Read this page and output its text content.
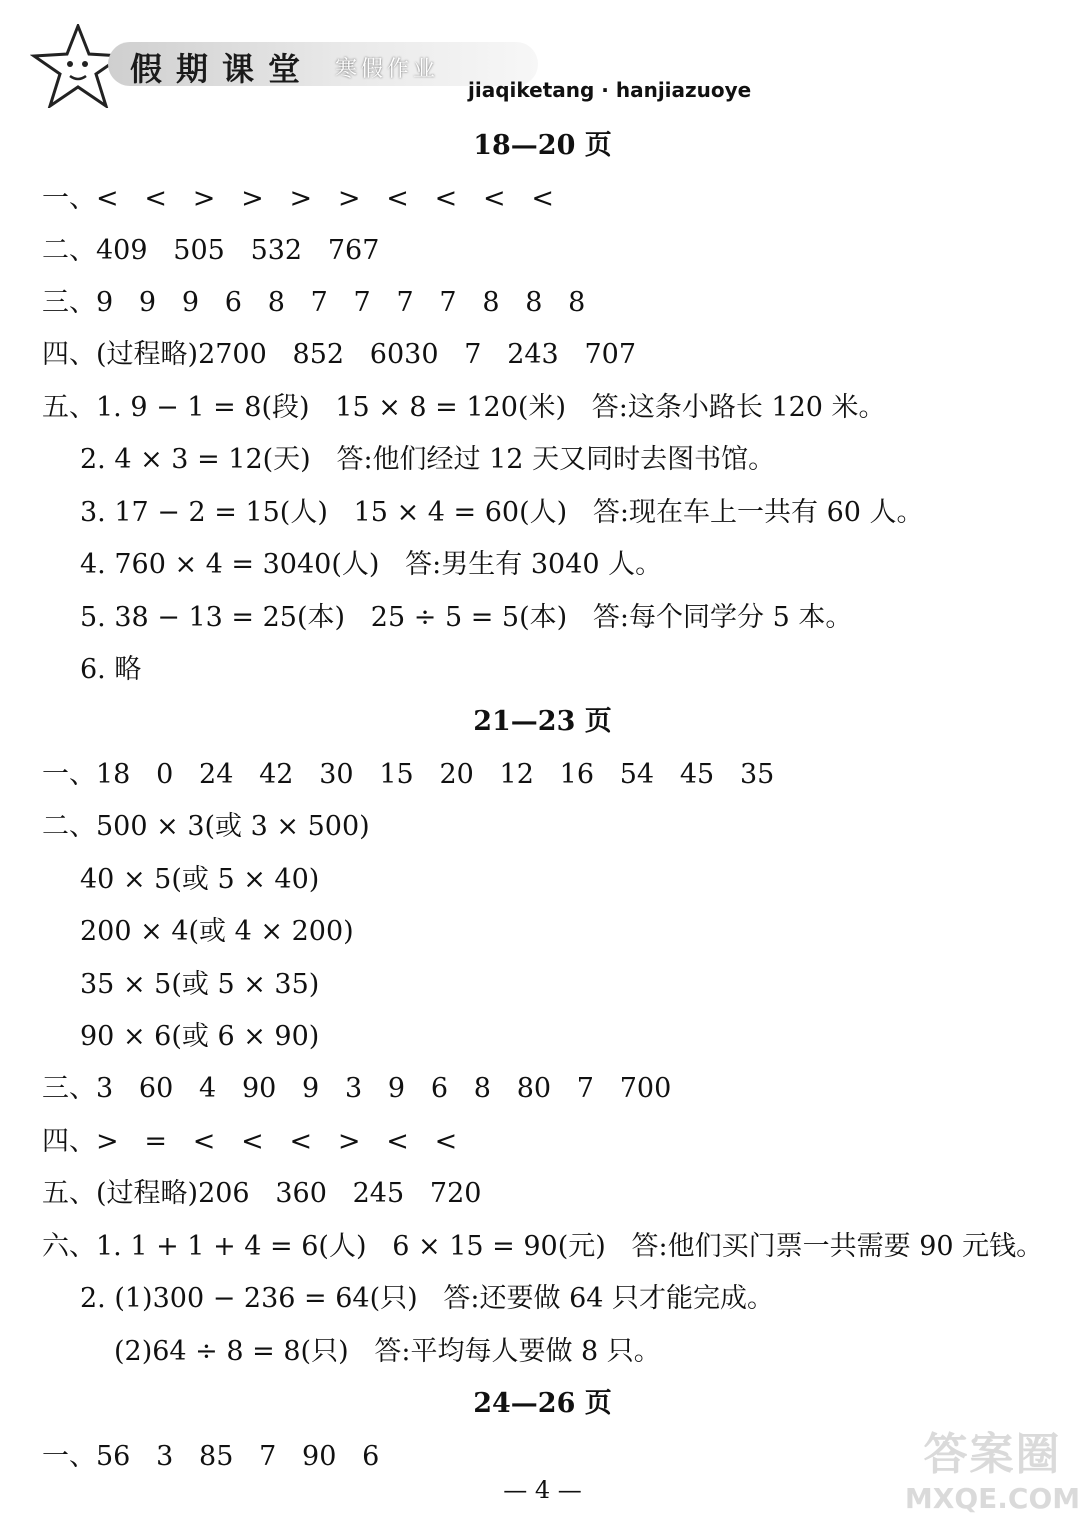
假期课堂 寒假作业
jiaqiketang · hanjiazuoye
18—20 页
一、<   <   >   >   >   >   <   <   <   <
二、409   505   532   767
三、9   9   9   6   8   7   7   7   7   8   8   8
四、(过程略)2700   852   6030   7   243   707
五、1. 9 − 1 = 8(段)   15 × 8 = 120(米)   答:这条小路长 120 米。
2. 4 × 3 = 12(天)   答:他们经过 12 天又同时去图书馆。
3. 17 − 2 = 15(人)   15 × 4 = 60(人)   答:现在车上一共有 60 人。
4. 760 × 4 = 3040(人)   答:男生有 3040 人。
5. 38 − 13 = 25(本)   25 ÷ 5 = 5(本)   答:每个同学分 5 本。
6. 略
21—23 页
一、18   0   24   42   30   15   20   12   16   54   45   35
二、500 × 3(或 3 × 500)
40 × 5(或 5 × 40)
200 × 4(或 4 × 200)
35 × 5(或 5 × 35)
90 × 6(或 6 × 90)
三、3   60   4   90   9   3   9   6   8   80   7   700
四、>   =   <   <   <   >   <   <
五、(过程略)206   360   245   720
六、1. 1 + 1 + 4 = 6(人)   6 × 15 = 90(元)   答:他们买门票一共需要 90 元钱。
2. (1)300 − 236 = 64(只)   答:还要做 64 只才能完成。
(2)64 ÷ 8 = 8(只)   答:平均每人要做 8 只。
24—26 页
一、56   3   85   7   90   6
— 4 —
答案圈
MXQE.COM
